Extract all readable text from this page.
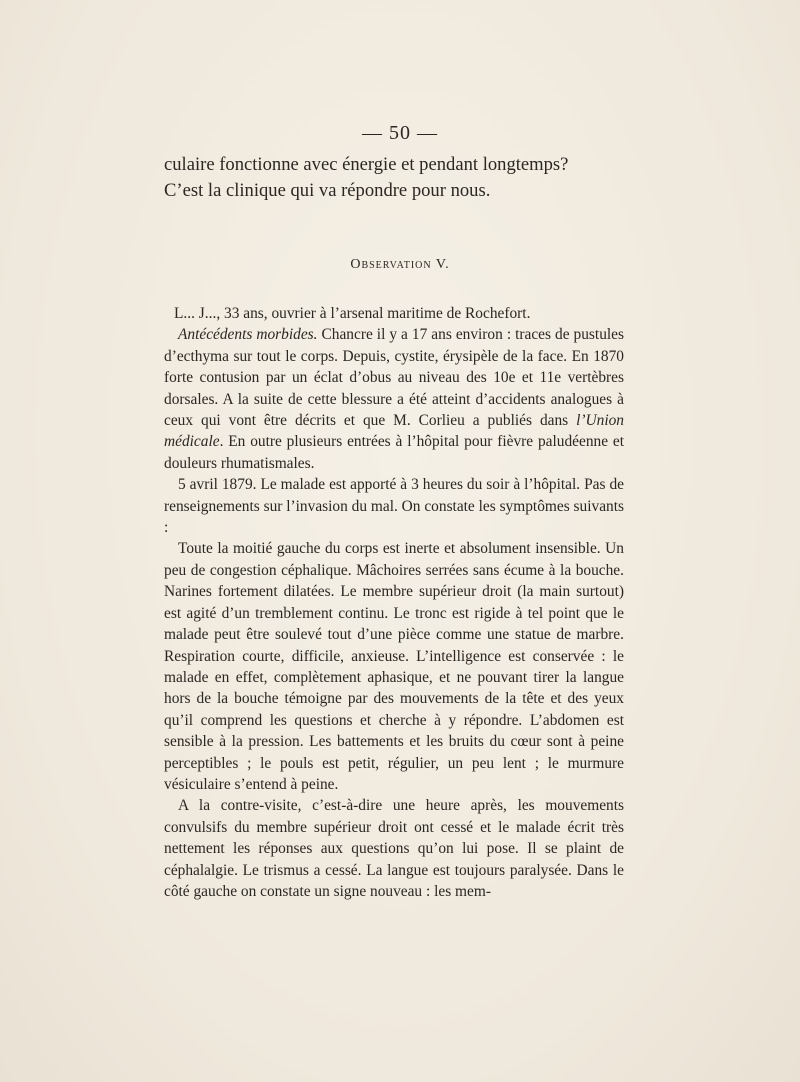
— 50 —

culaire fonctionne avec énergie et pendant longtemps?

C’est la clinique qui va répondre pour nous.

Observation V.

L... J..., 33 ans, ouvrier à l’arsenal maritime de Rochefort.

Antécédents morbides. Chancre il y a 17 ans environ : traces de pustules d’ecthyma sur tout le corps. Depuis, cystite, érysipèle de la face. En 1870 forte contusion par un éclat d’obus au niveau des 10e et 11e vertèbres dorsales. A la suite de cette blessure a été atteint d’accidents analogues à ceux qui vont être décrits et que M. Corlieu a publiés dans l’Union médicale. En outre plusieurs entrées à l’hôpital pour fièvre paludéenne et douleurs rhumatismales.

5 avril 1879. Le malade est apporté à 3 heures du soir à l’hôpital. Pas de renseignements sur l’invasion du mal. On constate les symptômes suivants :

Toute la moitié gauche du corps est inerte et absolument insensible. Un peu de congestion céphalique. Mâchoires serrées sans écume à la bouche. Narines fortement dilatées. Le membre supérieur droit (la main surtout) est agité d’un tremblement continu. Le tronc est rigide à tel point que le malade peut être soulevé tout d’une pièce comme une statue de marbre. Respiration courte, difficile, anxieuse. L’intelligence est conservée : le malade en effet, complètement aphasique, et ne pouvant tirer la langue hors de la bouche témoigne par des mouvements de la tête et des yeux qu’il comprend les questions et cherche à y répondre. L’abdomen est sensible à la pression. Les battements et les bruits du cœur sont à peine perceptibles ; le pouls est petit, régulier, un peu lent ; le murmure vésiculaire s’entend à peine.

A la contre-visite, c’est-à-dire une heure après, les mouvements convulsifs du membre supérieur droit ont cessé et le malade écrit très nettement les réponses aux questions qu’on lui pose. Il se plaint de céphalalgie. Le trismus a cessé. La langue est toujours paralysée. Dans le côté gauche on constate un signe nouveau : les mem-
